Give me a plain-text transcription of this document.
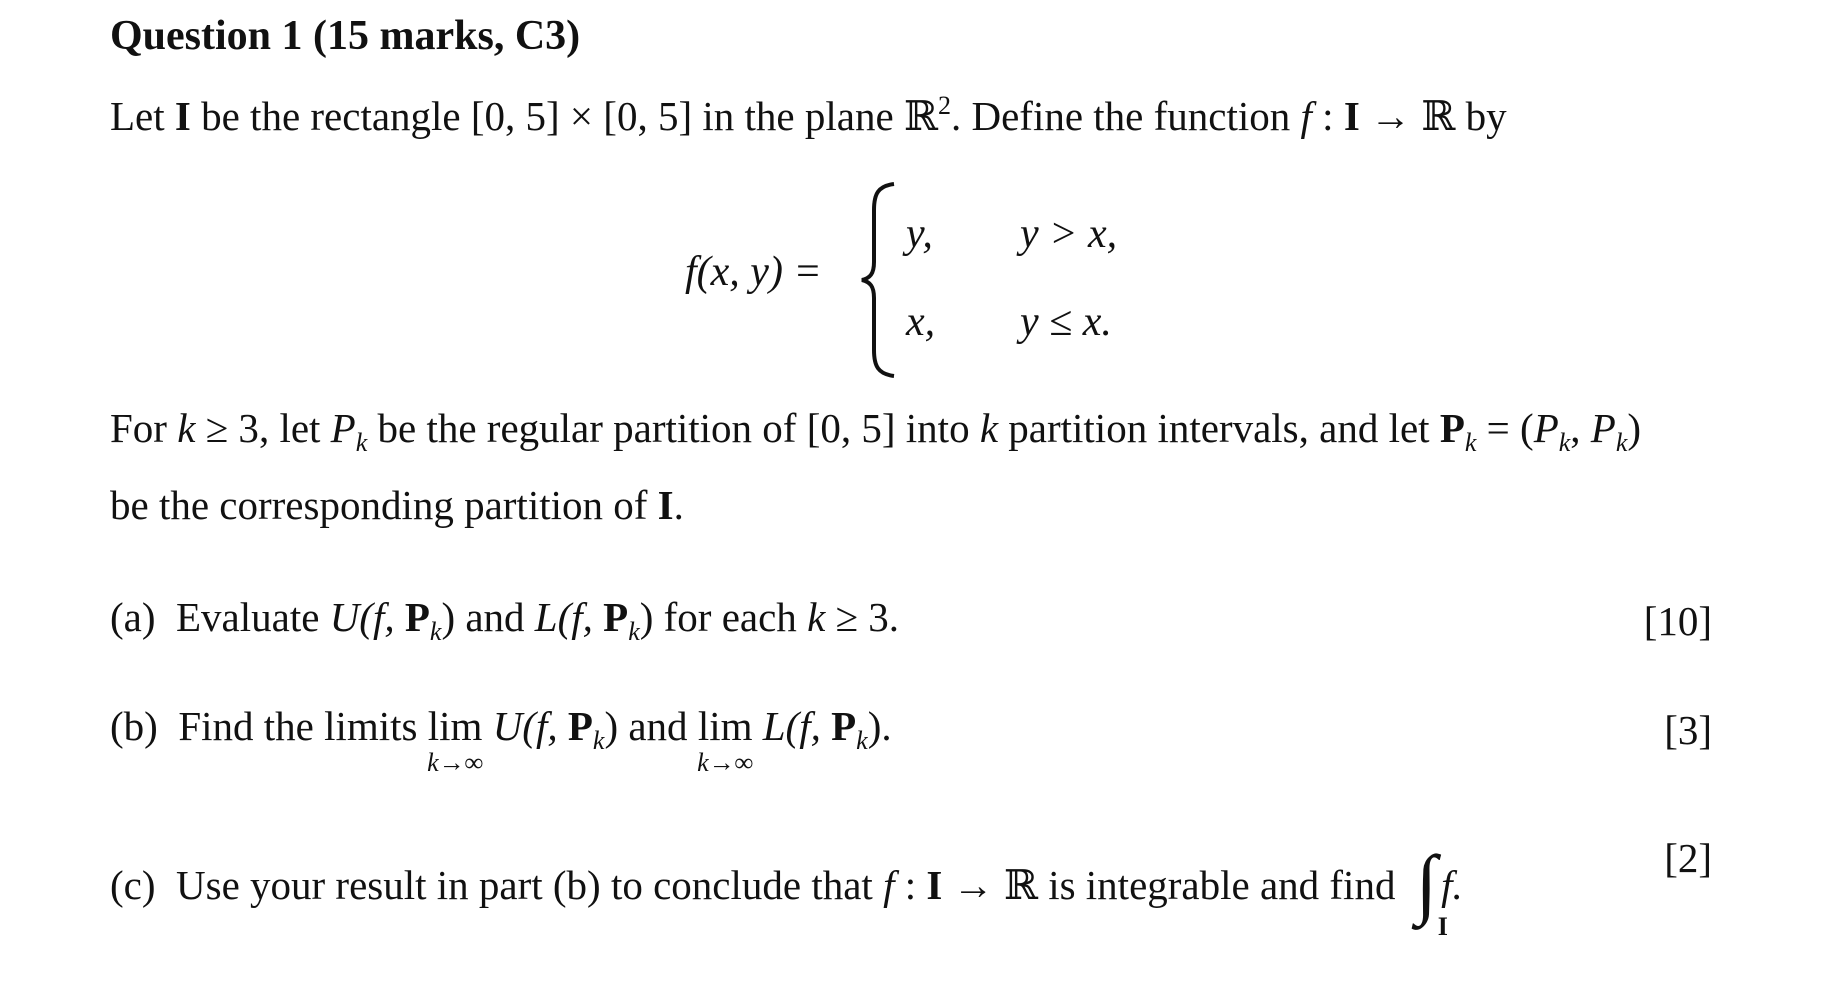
Question 1 (15 marks, C3)
Let I be the rectangle [0, 5] × [0, 5] in the plane ℝ$^2$. Define the function f : I → ℝ by
f(x, y) =
y, y > x,
x, y ≤ x.
For k ≥ 3, let $P_k$ be the regular partition of [0, 5] into k partition intervals, and let $P_k = (P_k$, $P_k$)
be the corresponding partition of I.
(a) Evaluate U(f, $P_k$) and L(f, $P_k$) for each k ≥ 3.	[10]
(b) Find the limits lim
k→∞
U(f, $P_k$) and lim
k→∞
L(f, $P_k$).	[3]
(c) Use your result in part (b) to conclude that f : I → ℝ is integrable and find ∫
I
f.
[2]
